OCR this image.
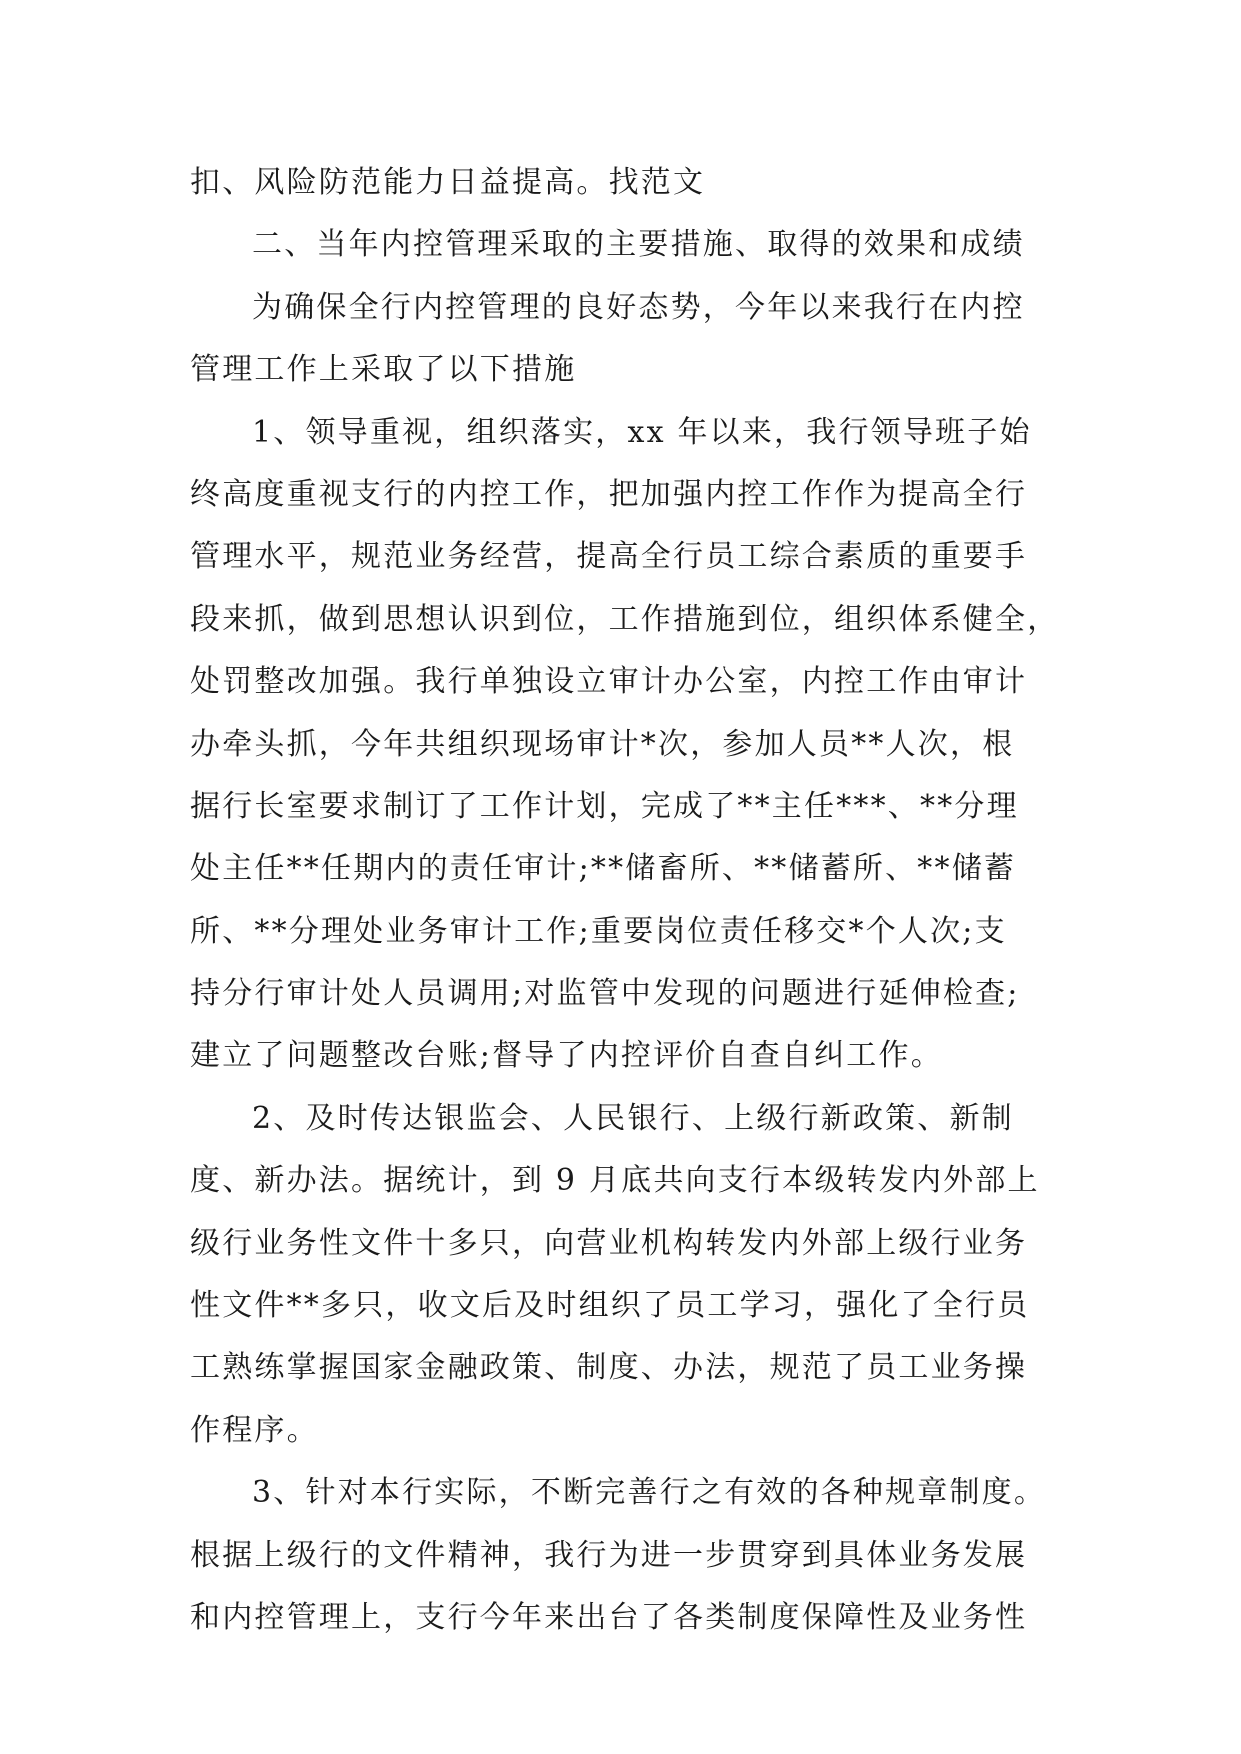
扣、风险防范能力日益提高。找范文
二、当年内控管理采取的主要措施、取得的效果和成绩
为确保全行内控管理的良好态势，今年以来我行在内控
管理工作上采取了以下措施
1、领导重视，组织落实，xx 年以来，我行领导班子始
终高度重视支行的内控工作，把加强内控工作作为提高全行
管理水平，规范业务经营，提高全行员工综合素质的重要手
段来抓，做到思想认识到位，工作措施到位，组织体系健全，
处罚整改加强。我行单独设立审计办公室，内控工作由审计
办牵头抓，今年共组织现场审计*次，参加人员**人次，根
据行长室要求制订了工作计划，完成了**主任***、**分理
处主任**任期内的责任审计;**储畜所、**储蓄所、**储蓄
所、**分理处业务审计工作;重要岗位责任移交*个人次;支
持分行审计处人员调用;对监管中发现的问题进行延伸检查;
建立了问题整改台账;督导了内控评价自查自纠工作。
2、及时传达银监会、人民银行、上级行新政策、新制
度、新办法。据统计，到 9 月底共向支行本级转发内外部上
级行业务性文件十多只，向营业机构转发内外部上级行业务
性文件**多只，收文后及时组织了员工学习，强化了全行员
工熟练掌握国家金融政策、制度、办法，规范了员工业务操
作程序。
3、针对本行实际，不断完善行之有效的各种规章制度。
根据上级行的文件精神，我行为进一步贯穿到具体业务发展
和内控管理上，支行今年来出台了各类制度保障性及业务性
